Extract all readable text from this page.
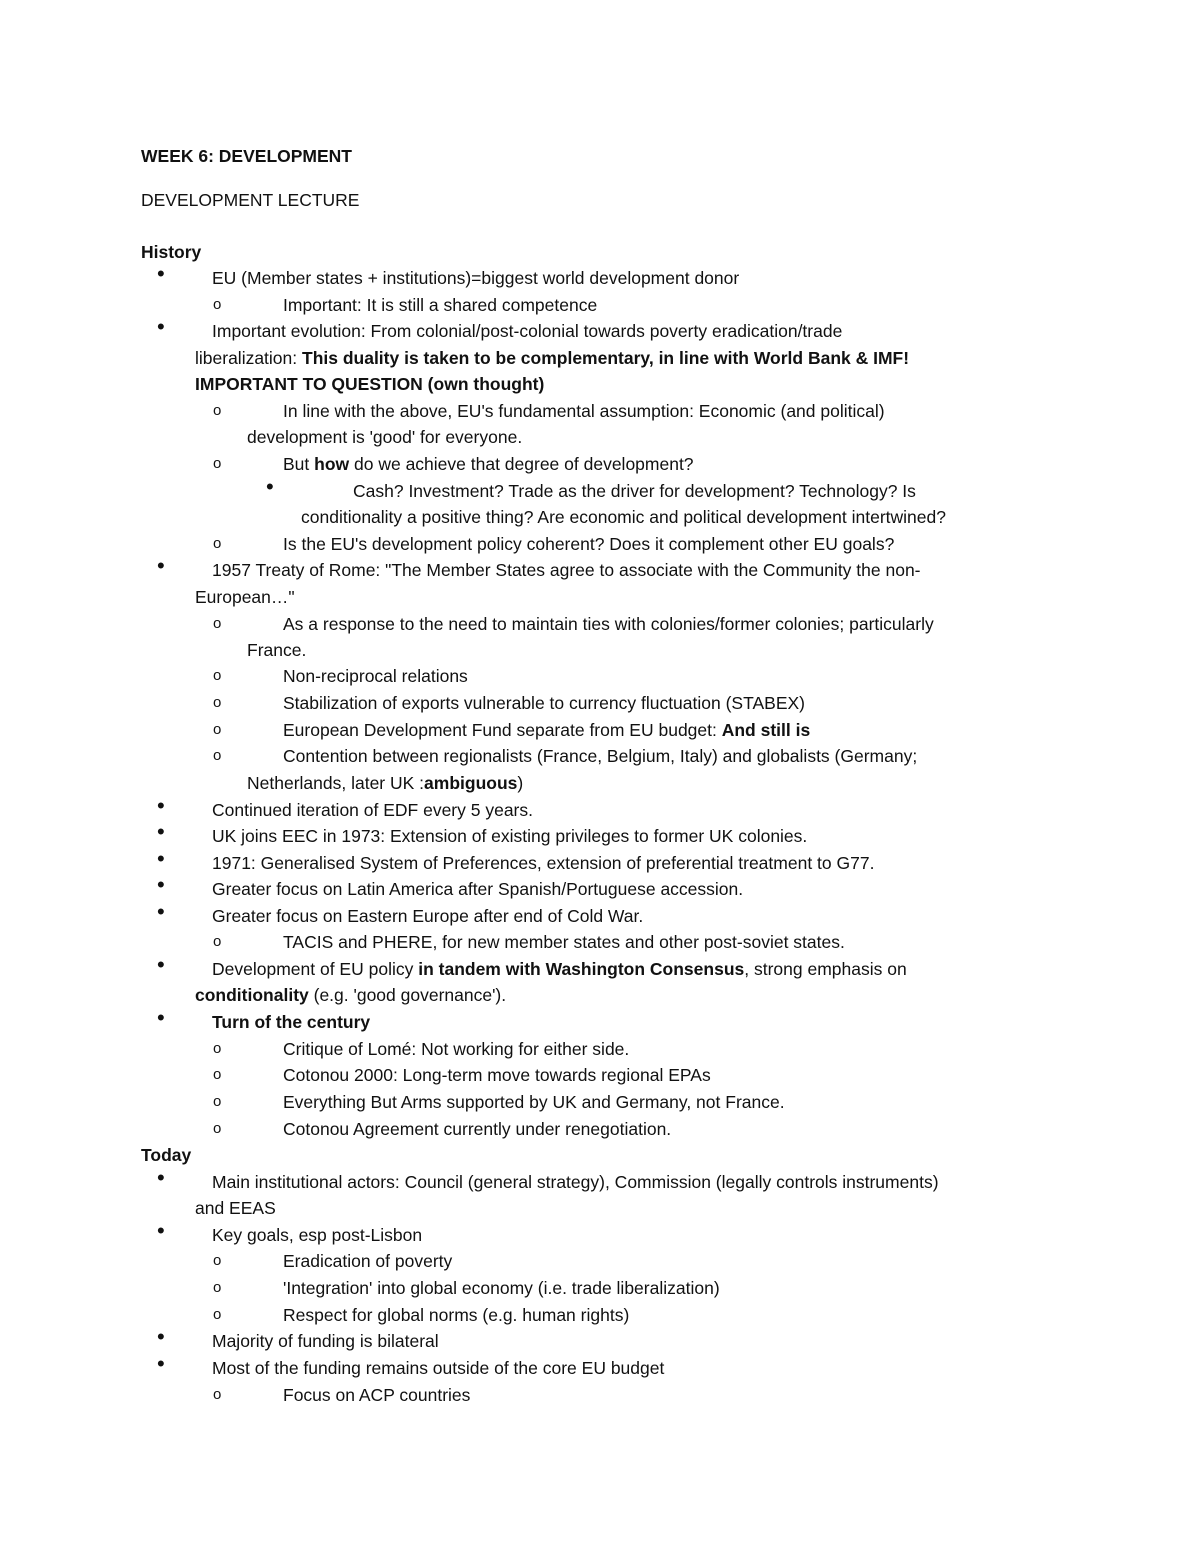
WEEK 6: DEVELOPMENT
DEVELOPMENT LECTURE
History
•	EU (Member states + institutions)=biggest world development donor
o	Important: It is still a shared competence
•	Important evolution: From colonial/post-colonial towards poverty eradication/trade
liberalization: This duality is taken to be complementary, in line with World Bank & IMF!
IMPORTANT TO QUESTION (own thought)
o	In line with the above, EU's fundamental assumption: Economic (and political)
development is 'good' for everyone.
o	But how do we achieve that degree of development?
•	Cash? Investment? Trade as the driver for development? Technology? Is
conditionality a positive thing? Are economic and political development intertwined?
o	Is the EU's development policy coherent? Does it complement other EU goals?
•	1957 Treaty of Rome: "The Member States agree to associate with the Community the non-
European…"
o	As a response to the need to maintain ties with colonies/former colonies; particularly
France.
o	Non-reciprocal relations
o	Stabilization of exports vulnerable to currency fluctuation (STABEX)
o	European Development Fund separate from EU budget: And still is
o	Contention between regionalists (France, Belgium, Italy) and globalists (Germany;
Netherlands, later UK :ambiguous)
•	Continued iteration of EDF every 5 years.
•	UK joins EEC in 1973: Extension of existing privileges to former UK colonies.
•	1971: Generalised System of Preferences, extension of preferential treatment to G77.
•	Greater focus on Latin America after Spanish/Portuguese accession.
•	Greater focus on Eastern Europe after end of Cold War.
o	TACIS and PHERE, for new member states and other post-soviet states.
•	Development of EU policy in tandem with Washington Consensus, strong emphasis on
conditionality (e.g. 'good governance').
•	Turn of the century
o	Critique of Lomé: Not working for either side.
o	Cotonou 2000: Long-term move towards regional EPAs
o	Everything But Arms supported by UK and Germany, not France.
o	Cotonou Agreement currently under renegotiation.
Today
•	Main institutional actors: Council (general strategy), Commission (legally controls instruments)
and EEAS
•	Key goals, esp post-Lisbon
o	Eradication of poverty
o	'Integration' into global economy (i.e. trade liberalization)
o	Respect for global norms (e.g. human rights)
•	Majority of funding is bilateral
•	Most of the funding remains outside of the core EU budget
o	Focus on ACP countries
